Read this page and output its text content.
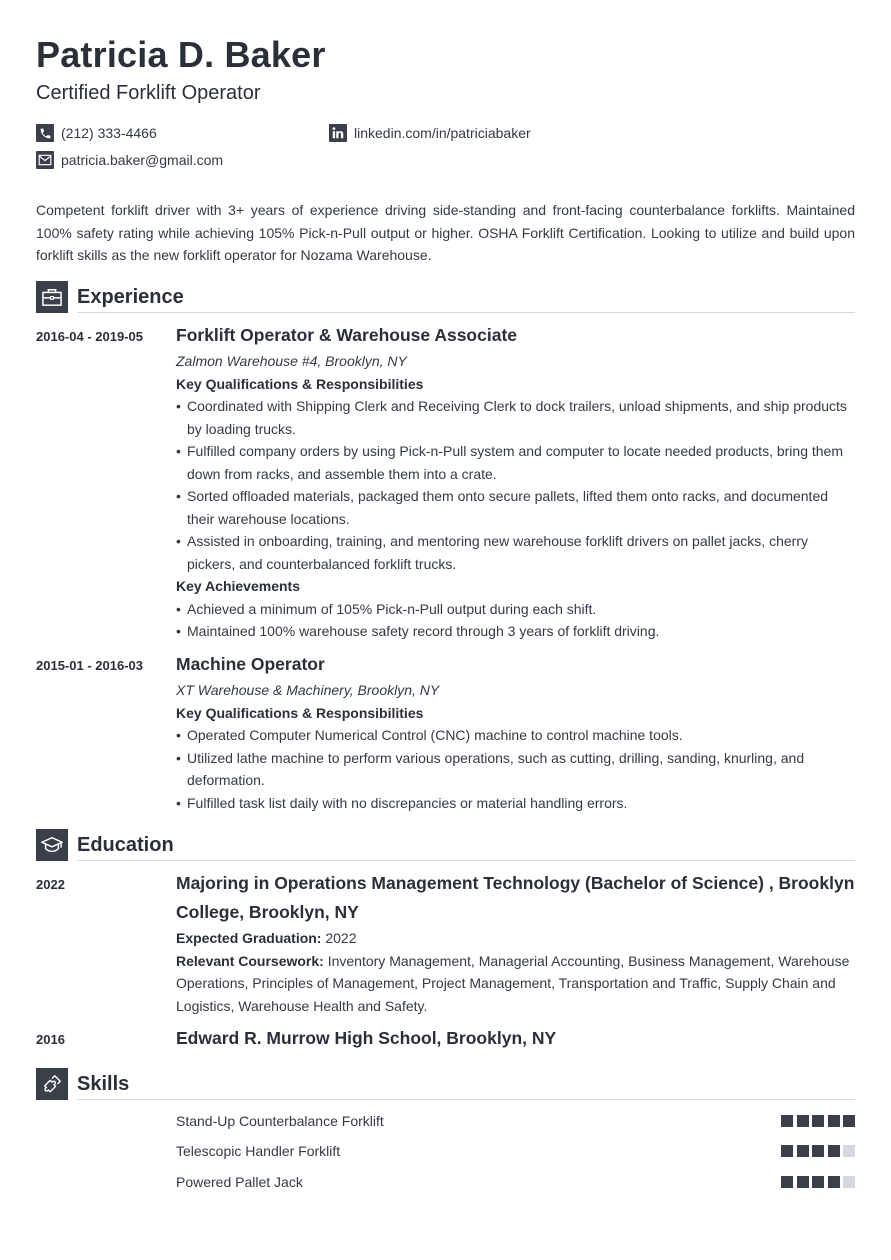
Patricia D. Baker
Certified Forklift Operator
(212) 333-4466	linkedin.com/in/patriciabaker
patricia.baker@gmail.com
Competent forklift driver with 3+ years of experience driving side-standing and front-facing counterbalance forklifts. Maintained 100% safety rating while achieving 105% Pick-n-Pull output or higher. OSHA Forklift Certification. Looking to utilize and build upon forklift skills as the new forklift operator for Nozama Warehouse.
Experience
2016-04 - 2019-05 Forklift Operator & Warehouse Associate
Zalmon Warehouse #4, Brooklyn, NY
Key Qualifications & Responsibilities
• Coordinated with Shipping Clerk and Receiving Clerk to dock trailers, unload shipments, and ship products by loading trucks.
• Fulfilled company orders by using Pick-n-Pull system and computer to locate needed products, bring them down from racks, and assemble them into a crate.
• Sorted offloaded materials, packaged them onto secure pallets, lifted them onto racks, and documented their warehouse locations.
• Assisted in onboarding, training, and mentoring new warehouse forklift drivers on pallet jacks, cherry pickers, and counterbalanced forklift trucks.
Key Achievements
• Achieved a minimum of 105% Pick-n-Pull output during each shift.
• Maintained 100% warehouse safety record through 3 years of forklift driving.
2015-01 - 2016-03 Machine Operator
XT Warehouse & Machinery, Brooklyn, NY
Key Qualifications & Responsibilities
• Operated Computer Numerical Control (CNC) machine to control machine tools.
• Utilized lathe machine to perform various operations, such as cutting, drilling, sanding, knurling, and deformation.
• Fulfilled task list daily with no discrepancies or material handling errors.
Education
2022	Majoring in Operations Management Technology (Bachelor of Science) , Brooklyn College, Brooklyn, NY
Expected Graduation: 2022
Relevant Coursework: Inventory Management, Managerial Accounting, Business Management, Warehouse Operations, Principles of Management, Project Management, Transportation and Traffic, Supply Chain and Logistics, Warehouse Health and Safety.
2016	Edward R. Murrow High School, Brooklyn, NY
Skills
Stand-Up Counterbalance Forklift
Telescopic Handler Forklift
Powered Pallet Jack
